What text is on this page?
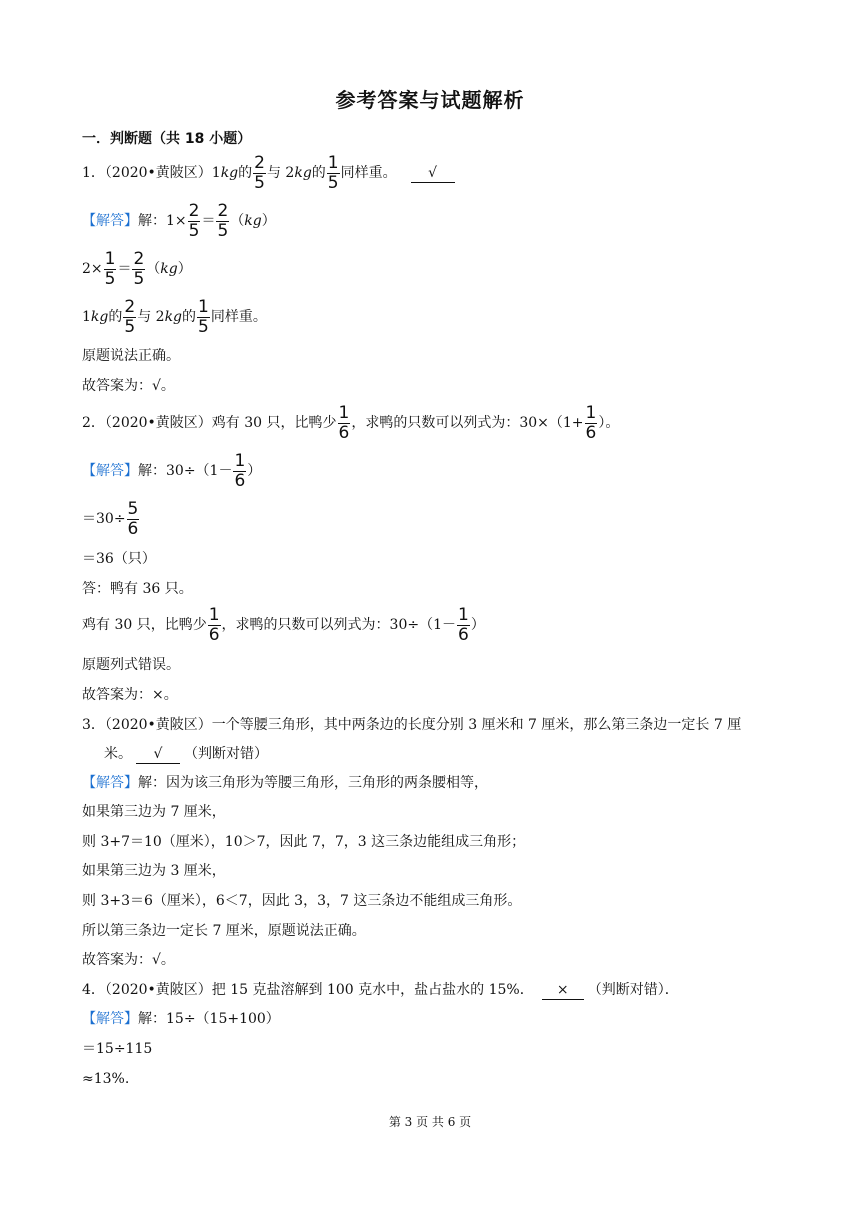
参考答案与试题解析
一．判断题（共 18 小题）
1．（2020•黄陂区）1 kg 的 $\frac{2}{5}$ 与 2 kg 的 $\frac{1}{5}$ 同样重。	√
【解答】 解：$1\times \frac{2}{5} = \frac{2}{5}$ （ kg ）
$2\times \frac{1}{5} = \frac{2}{5}$ （ kg ）
1 kg 的 $\frac{2}{5}$ 与 2 kg 的 $\frac{1}{5}$ 同样重。
原题说法正确。
故答案为：√。
2．（2020•黄陂区）鸡有 30 只，比鸭少 $\frac{1}{6}$ ，求鸭的只数可以列式为：$30\times(1+ \frac{1}{6}$ ）。
【解答】 解：$30\div(1- \frac{1}{6}$ ）
$=30\div \frac{5}{6}$
＝36（只）
答：鸭有 36 只。
鸡有 30 只，比鸭少 $\frac{1}{6}$ ，求鸭的只数可以列式为：$30\div(1- \frac{1}{6}$ ）
原题列式错误。
故答案为：×。
3．（2020•黄陂区）一个等腰三角形，其中两条边的长度分别 3 厘米和 7 厘米，那么第三条边一定长 7 厘
米。	√	（判断对错）
【解答】 解：因为该三角形为等腰三角形，三角形的两条腰相等，
如果第三边为 7 厘米，
则 3+7＝10（厘米），10＞7，因此 7，7，3 这三条边能组成三角形；
如果第三边为 3 厘米，
则 3+3＝6（厘米），6＜7，因此 3，3，7 这三条边不能组成三角形。
所以第三条边一定长 7 厘米，原题说法正确。
故答案为：√。
4．（2020•黄陂区）把 15 克盐溶解到 100 克水中，盐占盐水的 15%．	×	（判断对错）．
【解答】 解：15÷（15+100）
＝15÷115
≈13%.
第 3 页 共 6 页
